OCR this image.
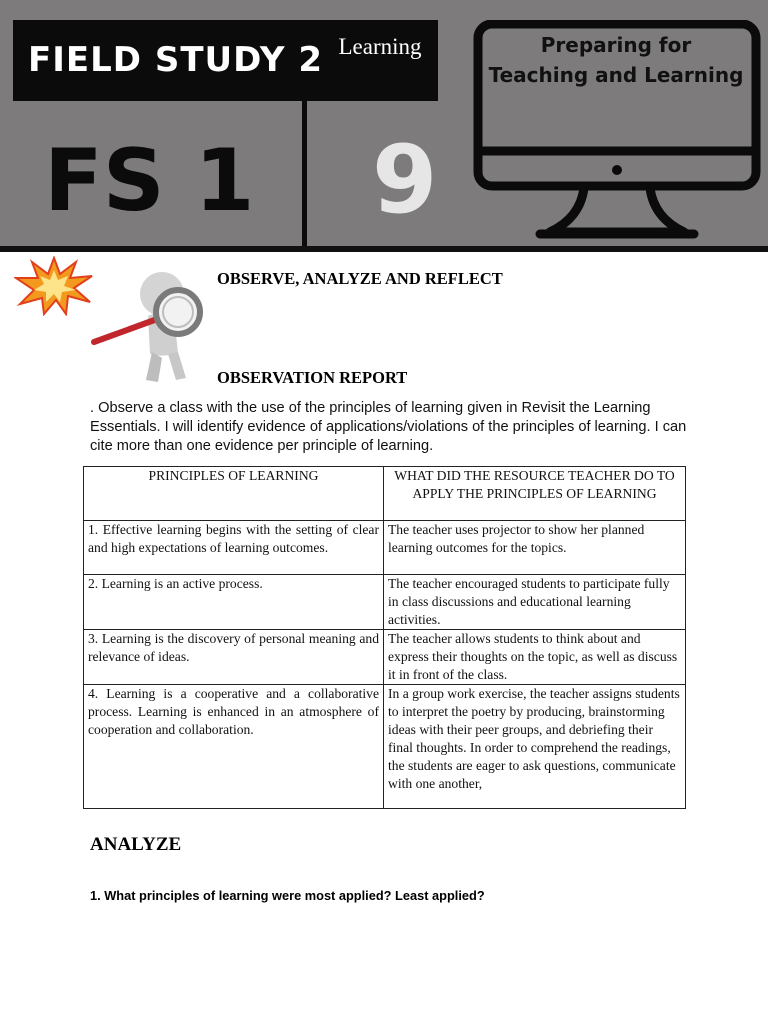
FIELD STUDY 2 Learning
FS 1 9
Preparing for Teaching and Learning
OBSERVE, ANALYZE AND REFLECT
OBSERVATION REPORT
. Observe a class with the use of the principles of learning given in Revisit the Learning Essentials. I will identify evidence of applications/violations of the principles of learning. I can cite more than one evidence per principle of learning.
PRINCIPLES OF LEARNING	WHAT DID THE RESOURCE TEACHER DO TO APPLY THE PRINCIPLES OF LEARNING
1. Effective learning begins with the setting of clear and high expectations of learning outcomes.	The teacher uses projector to show her planned learning outcomes for the topics.
2. Learning is an active process.	The teacher encouraged students to participate fully in class discussions and educational learning activities.
3. Learning is the discovery of personal meaning and relevance of ideas.	The teacher allows students to think about and express their thoughts on the topic, as well as discuss it in front of the class.
4. Learning is a cooperative and a collaborative process. Learning is enhanced in an atmosphere of cooperation and collaboration.	In a group work exercise, the teacher assigns students to interpret the poetry by producing, brainstorming ideas with their peer groups, and debriefing their final thoughts. In order to comprehend the readings, the students are eager to ask questions, communicate with one another,
ANALYZE
1. What principles of learning were most applied? Least applied?
